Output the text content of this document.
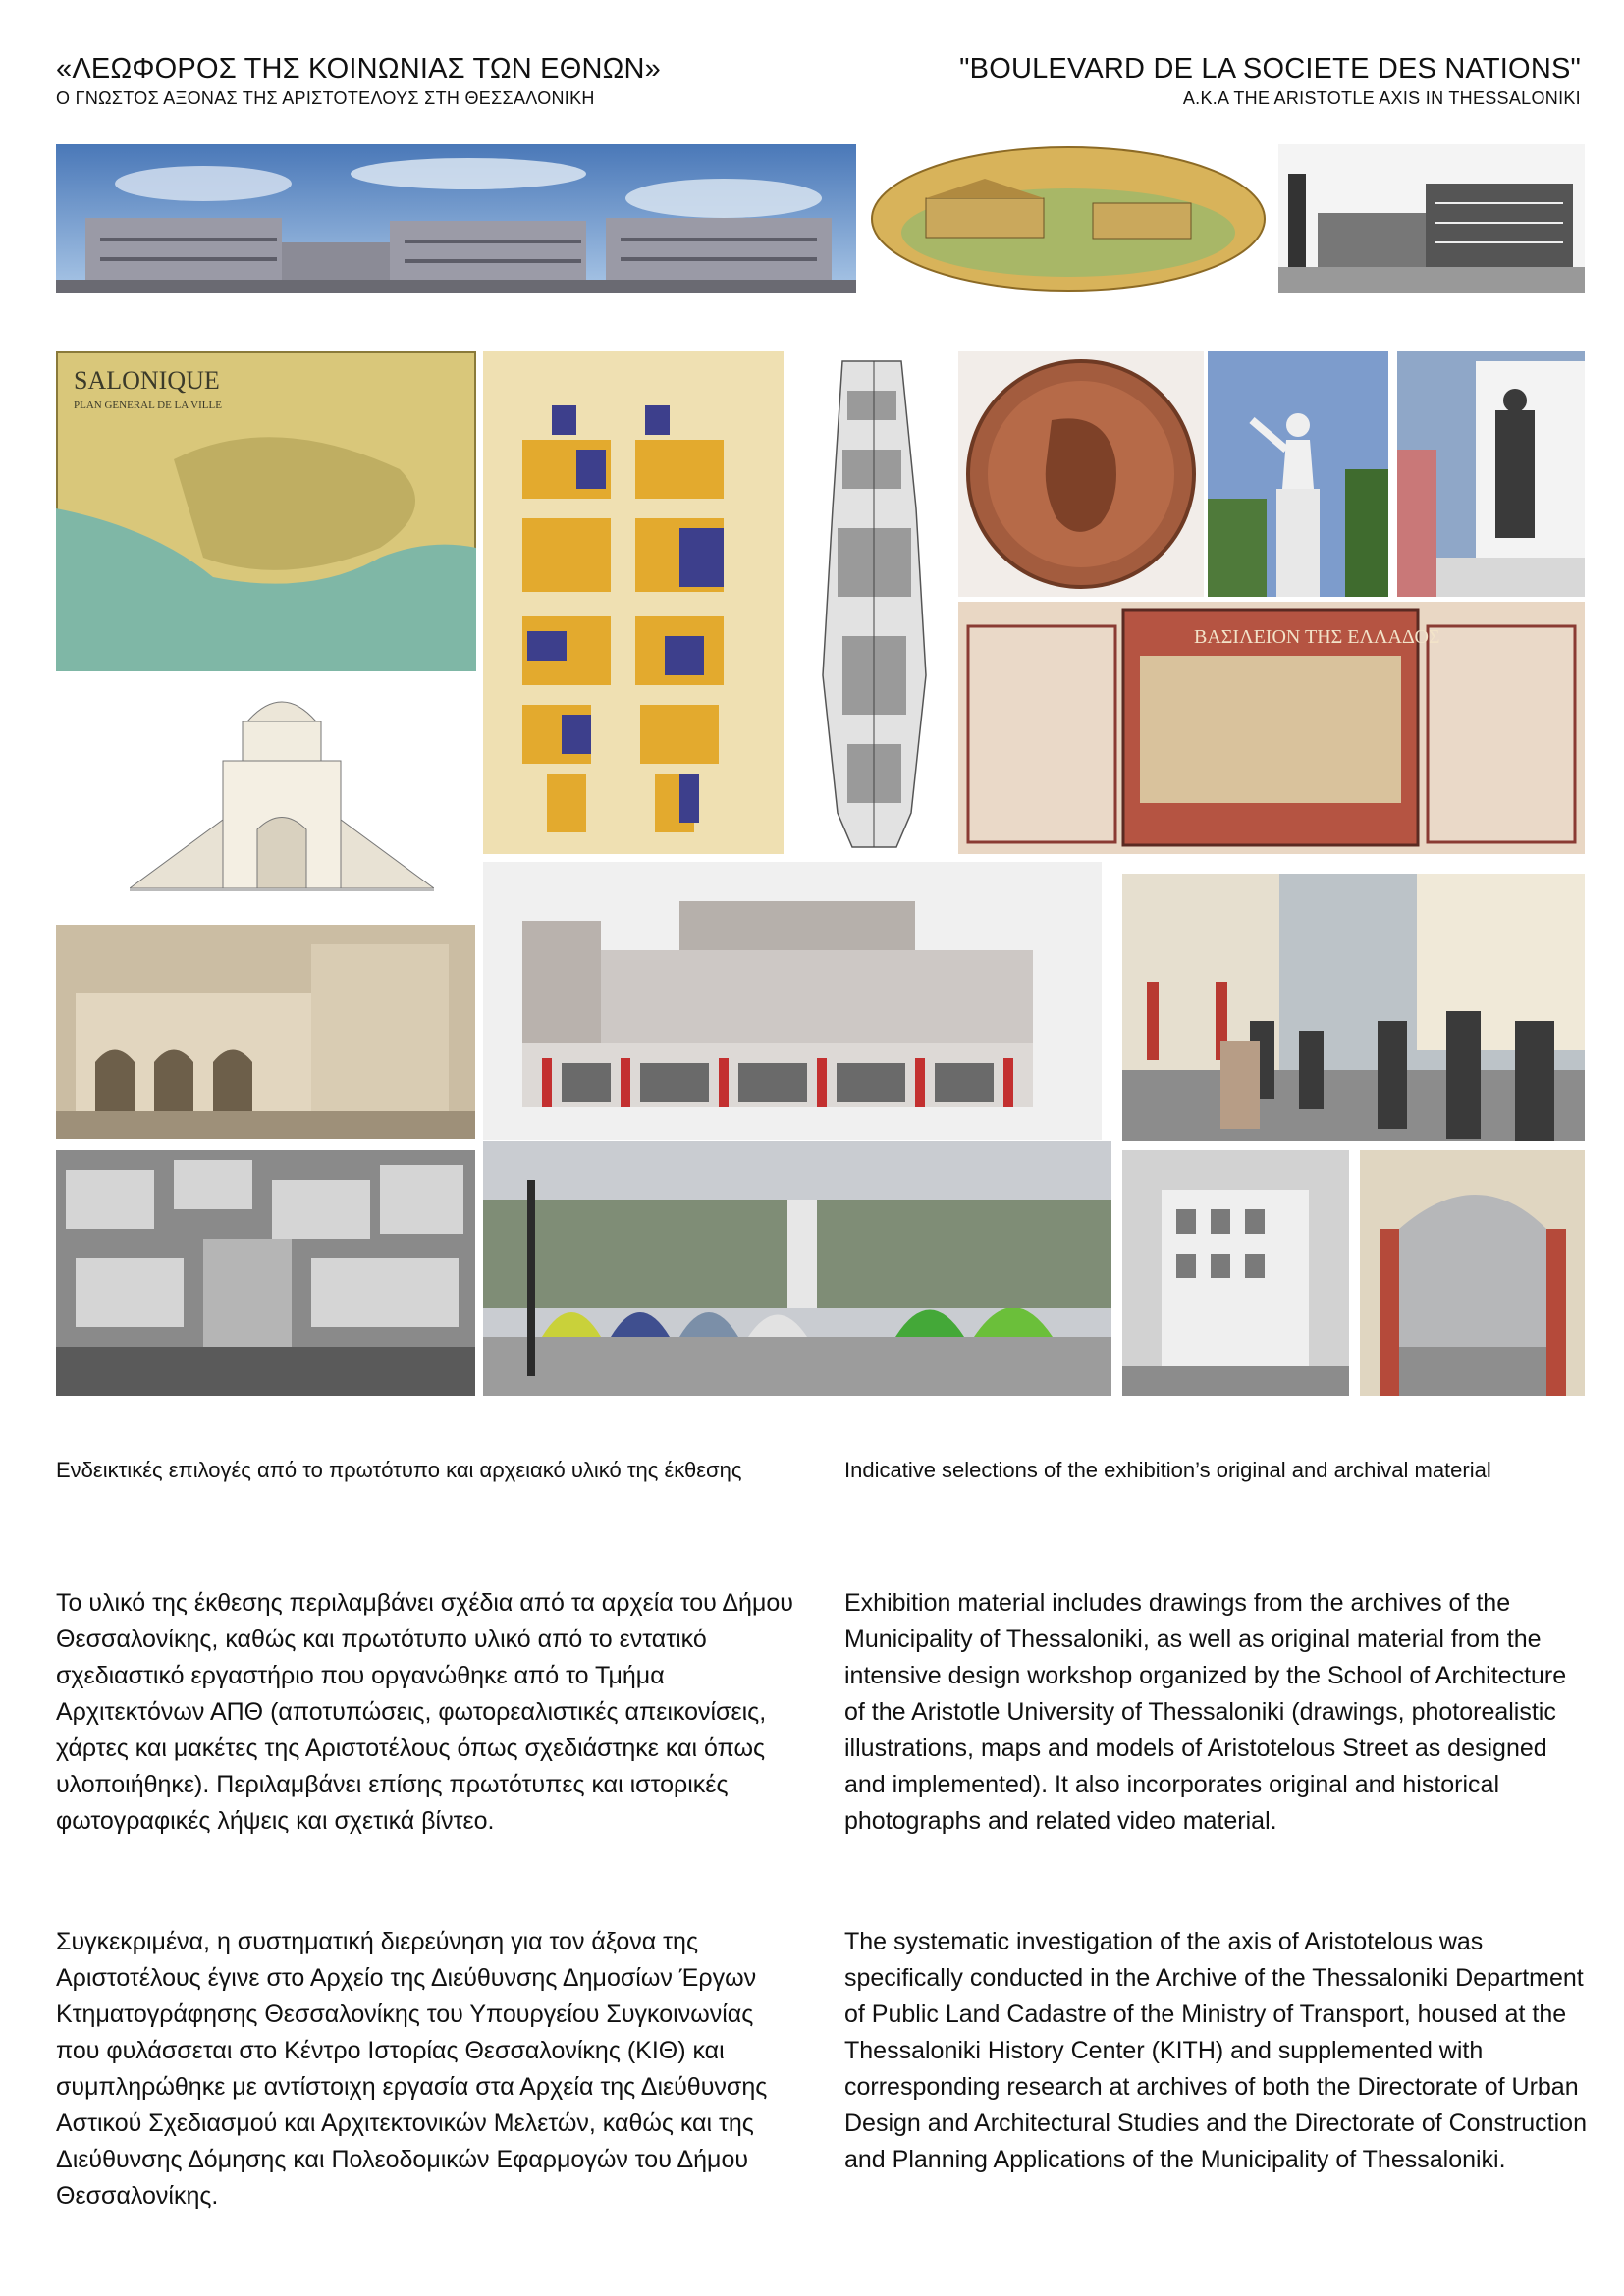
«ΛΕΩΦΟΡΟΣ ΤΗΣ ΚΟΙΝΩΝΙΑΣ ΤΩΝ ΕΘΝΩΝ»
Ο ΓΝΩΣΤΟΣ ΑΞΟΝΑΣ ΤΗΣ ΑΡΙΣΤΟΤΕΛΟΥΣ ΣΤΗ ΘΕΣΣΑΛΟΝΙΚΗ
"BOULEVARD DE LA SOCIETE DES NATIONS"
A.K.A THE ARISTOTLE AXIS IN THESSALONIKI
SALONIQUE
PLAN GENERAL DE LA VILLE
ΒΑΣΙΛΕΙΟΝ ΤΗΣ ΕΛΛΑΔΟΣ
Ενδεικτικές επιλογές από το πρωτότυπο και αρχειακό υλικό της έκθεσης	Indicative selections of the exhibition’s original and archival material
Το υλικό της έκθεσης περιλαμβάνει σχέδια από τα αρχεία του Δήμου Θεσσαλονίκης, καθώς και πρωτότυπο υλικό από το εντατικό σχεδιαστικό εργαστήριο που οργανώθηκε από το Τμήμα Αρχιτεκτόνων ΑΠΘ (αποτυπώσεις, φωτορεαλιστικές απεικονίσεις, χάρτες και μακέτες της Αριστοτέλους όπως σχεδιάστηκε και όπως υλοποιήθηκε). Περιλαμβάνει επίσης πρωτότυπες και ιστορικές φωτογραφικές λήψεις και σχετικά βίντεο.
Συγκεκριμένα, η συστηματική διερεύνηση για τον άξονα της Αριστοτέλους έγινε στο Αρχείο της Διεύθυνσης Δημοσίων Έργων Κτηματογράφησης Θεσσαλονίκης του Υπουργείου Συγκοινωνίας που φυλάσσεται στο Κέντρο Ιστορίας Θεσσαλονίκης (ΚΙΘ) και συμπληρώθηκε με αντίστοιχη εργασία στα Αρχεία της Διεύθυνσης Αστικού Σχεδιασμού και Αρχιτεκτονικών Μελετών, καθώς και της Διεύθυνσης Δόμησης και Πολεοδομικών Εφαρμογών του Δήμου Θεσσαλονίκης.
Exhibition material includes drawings from the archives of the Municipality of Thessaloniki, as well as original material from the intensive design workshop organized by the School of Architecture of the Aristotle University of Thessaloniki (drawings, photorealistic illustrations, maps and models of Aristotelous Street as designed and implemented). It also incorporates original and historical photographs and related video material.
The systematic investigation of the axis of Aristotelous was specifically conducted in the Archive of the Thessaloniki Department of Public Land Cadastre of the Ministry of Transport, housed at the Thessaloniki History Center (KITH) and supplemented with corresponding research at archives of both the Directorate of Urban Design and Architectural Studies and the Directorate of Construction and Planning Applications of the Municipality of Thessaloniki.
